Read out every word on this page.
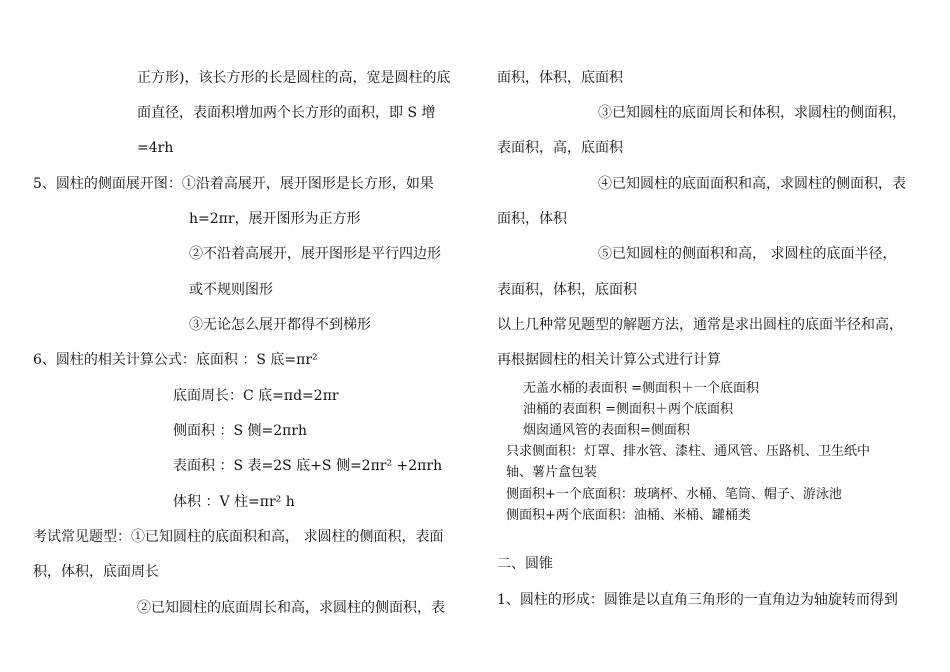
正方形)，该长方形的长是圆柱的高，宽是圆柱的底
面直径，表面积增加两个长方形的面积，即 S 增
=4rh
5、圆柱的侧面展开图：①沿着高展开，展开图形是长方形，如果
h=2πr，展开图形为正方形
②不沿着高展开，展开图形是平行四边形
或不规则图形
③无论怎么展开都得不到梯形
6、圆柱的相关计算公式：底面积 ：S 底=πr²
底面周长：C 底=πd=2πr
侧面积 ：S 侧=2πrh
表面积 ：S 表=2S 底+S 侧=2πr² +2πrh
体积 ：V 柱=πr² h
考试常见题型：①已知圆柱的底面积和高， 求圆柱的侧面积，表面
积，体积，底面周长
②已知圆柱的底面周长和高，求圆柱的侧面积，表
面积，体积，底面积
③已知圆柱的底面周长和体积，求圆柱的侧面积，
表面积，高，底面积
④已知圆柱的底面面积和高，求圆柱的侧面积，表
面积，体积
⑤已知圆柱的侧面积和高， 求圆柱的底面半径，
表面积，体积，底面积
以上几种常见题型的解题方法，通常是求出圆柱的底面半径和高，
再根据圆柱的相关计算公式进行计算
无盖水桶的表面积 =侧面积＋一个底面积
油桶的表面积 =侧面积＋两个底面积
烟囱通风管的表面积=侧面积
只求侧面积：灯罩、排水管、漆柱、通风管、压路机、卫生纸中
轴、薯片盒包装
侧面积+一个底面积：玻璃杯、水桶、笔筒、帽子、游泳池
侧面积+两个底面积：油桶、米桶、罐桶类
二、圆锥
1、圆柱的形成：圆锥是以直角三角形的一直角边为轴旋转而得到
